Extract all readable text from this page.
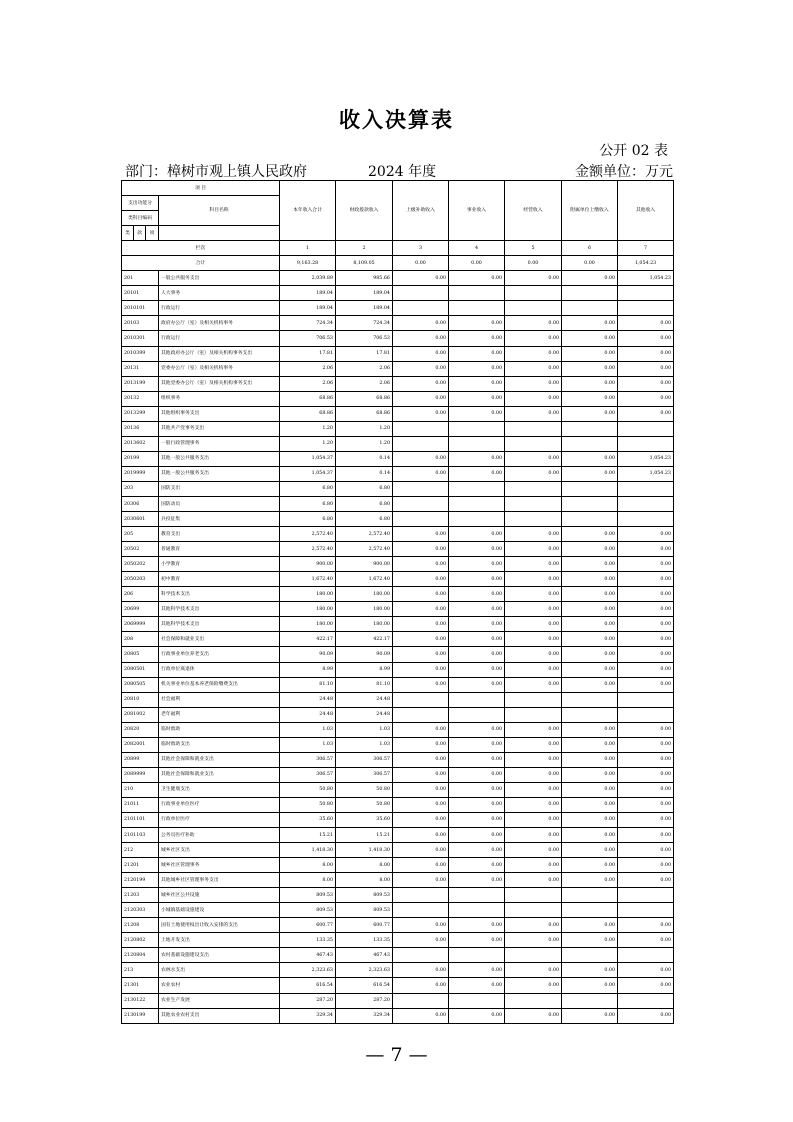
收入决算表
公开 02 表
部门：樟树市观上镇人民政府	2024 年度	金额单位：万元
项 目				本年收入合计	财政拨款收入	上级补助收入	事业收入	经营收入	附属单位上缴收入	其他收入
支出功能分			科目名称							
类科目编码										
类	款	项								
栏次				1	2	3	4	5	6	7
合计				9,163.28	8,109.05	0.00	0.00	0.00	0.00	1,054.23
201			一般公共服务支出	2,039.89	985.66	0.00	0.00	0.00	0.00	1,054.23
20101			人大事务	189.04	189.04					
2010101			行政运行	189.04	189.04					
20103			政府办公厅（室）及相关机构事务	724.34	724.34	0.00	0.00	0.00	0.00	0.00
2010301			行政运行	706.53	706.53	0.00	0.00	0.00	0.00	0.00
2010399			其他政府办公厅（室）及相关机构事务支出	17.81	17.81	0.00	0.00	0.00	0.00	0.00
20131			党委办公厅（室）及相关机构事务	2.06	2.06	0.00	0.00	0.00	0.00	0.00
2013199			其他党委办公厅（室）及相关机构事务支出	2.06	2.06	0.00	0.00	0.00	0.00	0.00
20132			组织事务	68.86	68.86	0.00	0.00	0.00	0.00	0.00
2013299			其他组织事务支出	68.86	68.86	0.00	0.00	0.00	0.00	0.00
20136			其他共产党事务支出	1.20	1.20					
2013602			一般行政管理事务	1.20	1.20					
20199			其他一般公共服务支出	1,054.37	0.14	0.00	0.00	0.00	0.00	1,054.23
2019999			其他一般公共服务支出	1,054.37	0.14	0.00	0.00	0.00	0.00	1,054.23
203			国防支出	6.80	6.80					
20306			国防动员	6.80	6.80					
2030601			兵役征集	6.80	6.80					
205			教育支出	2,572.40	2,572.40	0.00	0.00	0.00	0.00	0.00
20502			普通教育	2,572.40	2,572.40	0.00	0.00	0.00	0.00	0.00
2050202			小学教育	900.00	900.00	0.00	0.00	0.00	0.00	0.00
2050203			初中教育	1,672.40	1,672.40	0.00	0.00	0.00	0.00	0.00
206			科学技术支出	180.00	180.00	0.00	0.00	0.00	0.00	0.00
20699			其他科学技术支出	180.00	180.00	0.00	0.00	0.00	0.00	0.00
2069999			其他科学技术支出	180.00	180.00	0.00	0.00	0.00	0.00	0.00
208			社会保障和就业支出	422.17	422.17	0.00	0.00	0.00	0.00	0.00
20805			行政事业单位养老支出	90.09	90.09	0.00	0.00	0.00	0.00	0.00
2080501			行政单位离退休	8.99	8.99	0.00	0.00	0.00	0.00	0.00
2080505			机关事业单位基本养老保险缴费支出	81.10	81.10	0.00	0.00	0.00	0.00	0.00
20810			社会福利	24.48	24.48					
2081002			老年福利	24.48	24.48					
20820			临时救助	1.03	1.03	0.00	0.00	0.00	0.00	0.00
2082001			临时救助支出	1.03	1.03	0.00	0.00	0.00	0.00	0.00
20899			其他社会保障和就业支出	306.57	306.57	0.00	0.00	0.00	0.00	0.00
2089999			其他社会保障和就业支出	306.57	306.57	0.00	0.00	0.00	0.00	0.00
210			卫生健康支出	50.80	50.80	0.00	0.00	0.00	0.00	0.00
21011			行政事业单位医疗	50.80	50.80	0.00	0.00	0.00	0.00	0.00
2101101			行政单位医疗	35.60	35.60	0.00	0.00	0.00	0.00	0.00
2101103			公务员医疗补助	15.21	15.21	0.00	0.00	0.00	0.00	0.00
212			城乡社区支出	1,418.30	1,418.30	0.00	0.00	0.00	0.00	0.00
21201			城乡社区管理事务	8.00	8.00	0.00	0.00	0.00	0.00	0.00
2120199			其他城乡社区管理事务支出	8.00	8.00	0.00	0.00	0.00	0.00	0.00
21203			城乡社区公共设施	809.53	809.53					
2120303			小城镇基础设施建设	809.53	809.53					
21208			国有土地使用权出让收入安排的支出	600.77	600.77	0.00	0.00	0.00	0.00	0.00
2120802			土地开发支出	133.35	133.35	0.00	0.00	0.00	0.00	0.00
2120804			农村基础设施建设支出	467.43	467.43					
213			农林水支出	2,323.63	2,323.63	0.00	0.00	0.00	0.00	0.00
21301			农业农村	616.54	616.54	0.00	0.00	0.00	0.00	0.00
2130122			农业生产发展	287.20	287.20					
2130199			其他农业农村支出	329.34	329.34	0.00	0.00	0.00	0.00	0.00
— 7 —
